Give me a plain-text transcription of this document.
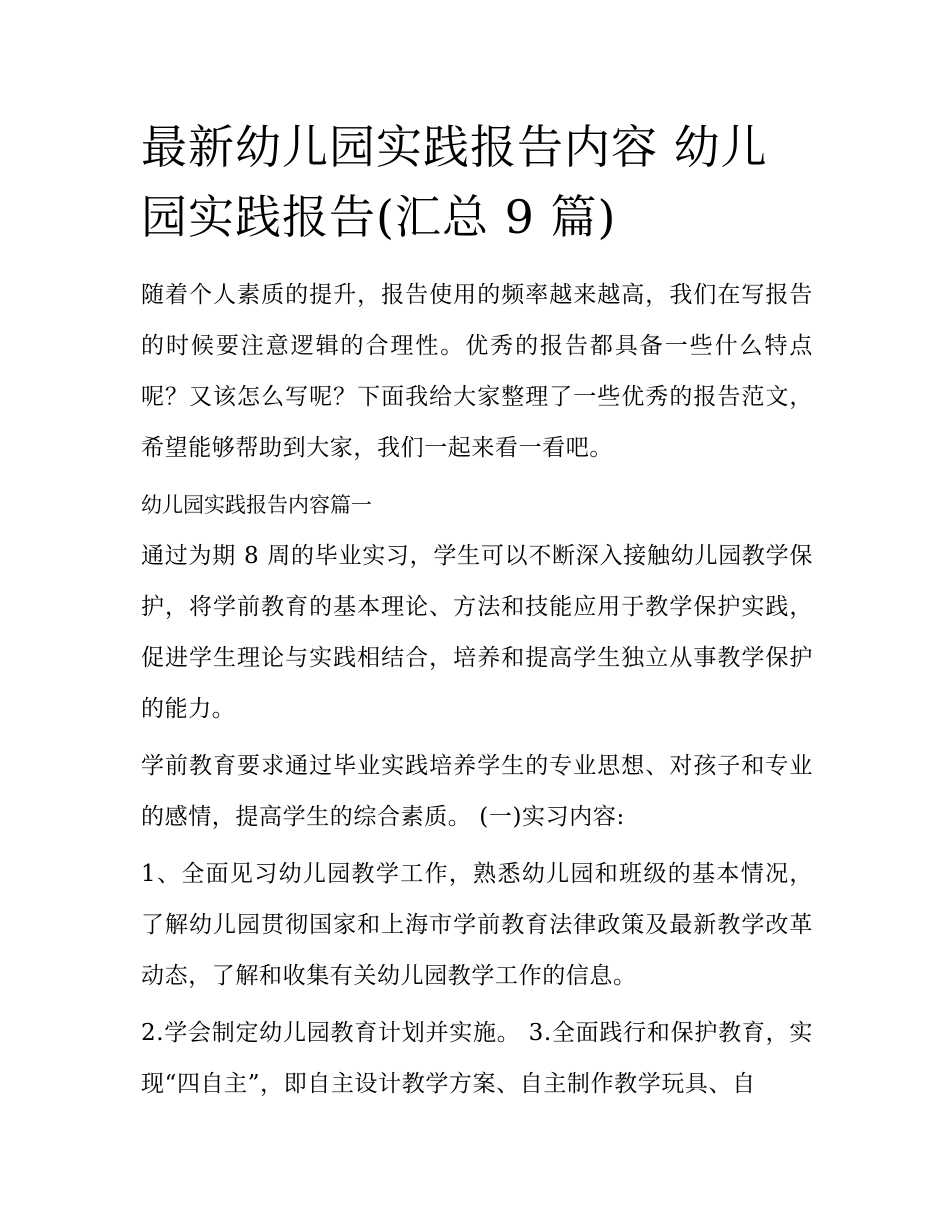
最新幼儿园实践报告内容 幼儿园实践报告(汇总 9 篇)

随着个人素质的提升，报告使用的频率越来越高，我们在写报告的时候要注意逻辑的合理性。优秀的报告都具备一些什么特点呢？又该怎么写呢？下面我给大家整理了一些优秀的报告范文，希望能够帮助到大家，我们一起来看一看吧。

幼儿园实践报告内容篇一

通过为期 8 周的毕业实习，学生可以不断深入接触幼儿园教学保护，将学前教育的基本理论、方法和技能应用于教学保护实践，促进学生理论与实践相结合，培养和提高学生独立从事教学保护的能力。

学前教育要求通过毕业实践培养学生的专业思想、对孩子和专业的感情，提高学生的综合素质。 (一)实习内容:

1、全面见习幼儿园教学工作，熟悉幼儿园和班级的基本情况，了解幼儿园贯彻国家和上海市学前教育法律政策及最新教学改革动态，了解和收集有关幼儿园教学工作的信息。

2.学会制定幼儿园教育计划并实施。 3.全面践行和保护教育，实现“四自主”，即自主设计教学方案、自主制作教学玩具、自
